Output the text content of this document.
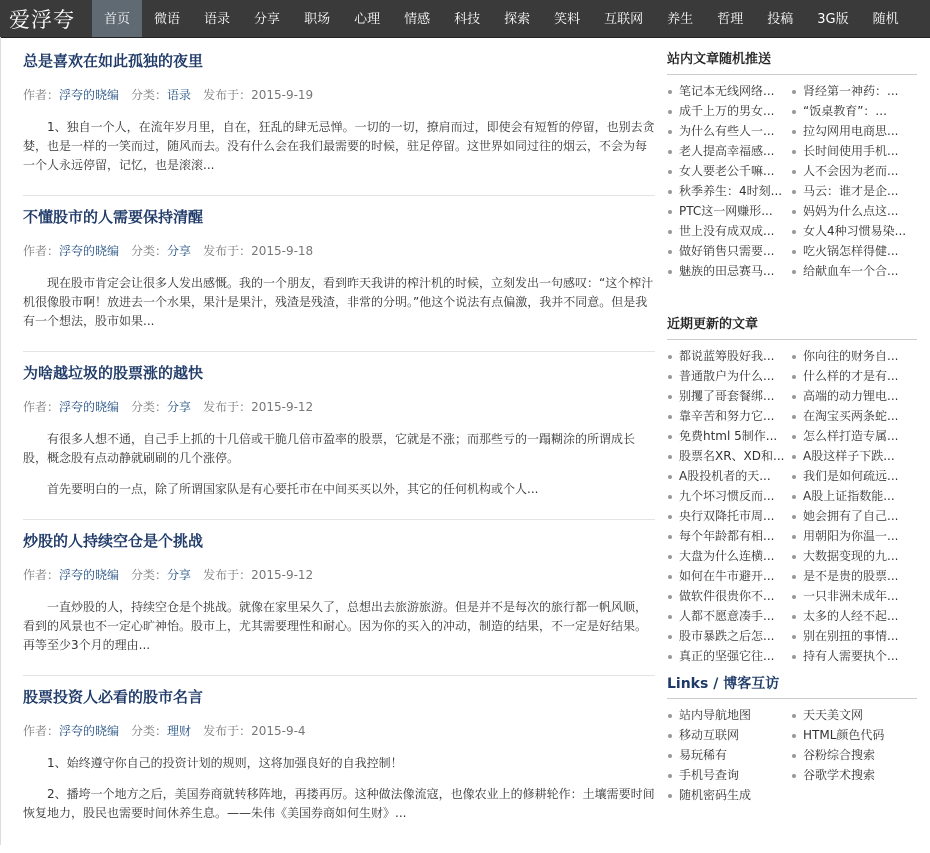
爱浮夸	首页	微语	语录	分享	职场	心理	情感	科技	探索	笑料	互联网	养生	哲理	投稿	3G版	随机
总是喜欢在如此孤独的夜里
作者：浮夸的晓编 分类：语录 发布于：2015-9-19

1、独自一个人，在流年岁月里，自在，狂乱的肆无忌惮。一切的一切，撩肩而过，即使会有短暂的停留，也别去贪婪，也是一样的一笑而过，随风而去。没有什么会在我们最需要的时候，驻足停留。这世界如同过往的烟云，不会为每一个人永远停留，记忆，也是滚滚...

不懂股市的人需要保持清醒
作者：浮夸的晓编 分类：分享 发布于：2015-9-18

现在股市肯定会让很多人发出感慨。我的一个朋友，看到昨天我讲的榨汁机的时候，立刻发出一句感叹：“这个榨汁机很像股市啊！放进去一个水果，果汁是果汁，残渣是残渣，非常的分明。”他这个说法有点偏激，我并不同意。但是我有一个想法，股市如果...

为啥越垃圾的股票涨的越快
作者：浮夸的晓编 分类：分享 发布于：2015-9-12

有很多人想不通，自己手上抓的十几倍或干脆几倍市盈率的股票，它就是不涨；而那些亏的一蹋糊涂的所谓成长股，概念股有点动静就刷刷的几个涨停。

首先要明白的一点，除了所谓国家队是有心要托市在中间买买以外，其它的任何机构或个人...

炒股的人持续空仓是个挑战
作者：浮夸的晓编 分类：分享 发布于：2015-9-12

一直炒股的人，持续空仓是个挑战。就像在家里呆久了，总想出去旅游旅游。但是并不是每次的旅行都一帆风顺，看到的风景也不一定心旷神怡。股市上，尤其需要理性和耐心。因为你的买入的冲动，制造的结果，不一定是好结果。再等至少3个月的理由...

股票投资人必看的股市名言
作者：浮夸的晓编 分类：理财 发布于：2015-9-4

1、始终遵守你自己的投资计划的规则，这将加强良好的自我控制！

2、播垮一个地方之后，美国券商就转移阵地，再搂再厉。这种做法像流寇，也像农业上的修耕轮作：土壤需要时间恢复地力，股民也需要时间休养生息。——朱伟《美国券商如何生财》...

站内文章随机推送
笔记本无线网络...	肾经第一神药：...
成千上万的男女...	“饭桌教育”：...
为什么有些人一...	拉勾网用电商思...
老人提高幸福感...	长时间使用手机...
女人要老公千嘛...	人不会因为老而...
秋季养生：4时刻...	马云：谁才是企...
PTC这一网赚形...	妈妈为什么点这...
世上没有成双成...	女人4种习惯易染...
做好销售只需要...	吃火锅怎样得健...
魅族的田忌赛马...	给献血车一个合...
近期更新的文章
都说蓝筹股好我...	你向往的财务自...
普通散户为什么...	什么样的才是有...
别攫了哥套餐绑...	高端的动力锂电...
靠辛苦和努力它...	在淘宝买两条蛇...
免费html 5制作...	怎么样打造专属...
股票名XR、XD和...	A股这样子下跌...
A股投机者的天...	我们是如何疏远...
九个坏习惯反而...	A股上证指数能...
央行双降托市周...	她会拥有了自己...
每个年龄都有相...	用朝阳为你温一...
大盘为什么连横...	大数据变现的九...
如何在牛市避开...	是不是贵的股票...
做软件很贵你不...	一只非洲未成年...
人都不愿意凑手...	太多的人经不起...
股市暴跌之后怎...	别在别扭的事情...
真正的坚强它往...	持有人需要执个...
Links / 博客互访
站内导航地图	天天美文网
移动互联网	HTML颜色代码
易玩稀有	谷粉综合搜索
手机号查询	谷歌学术搜索
随机密码生成
